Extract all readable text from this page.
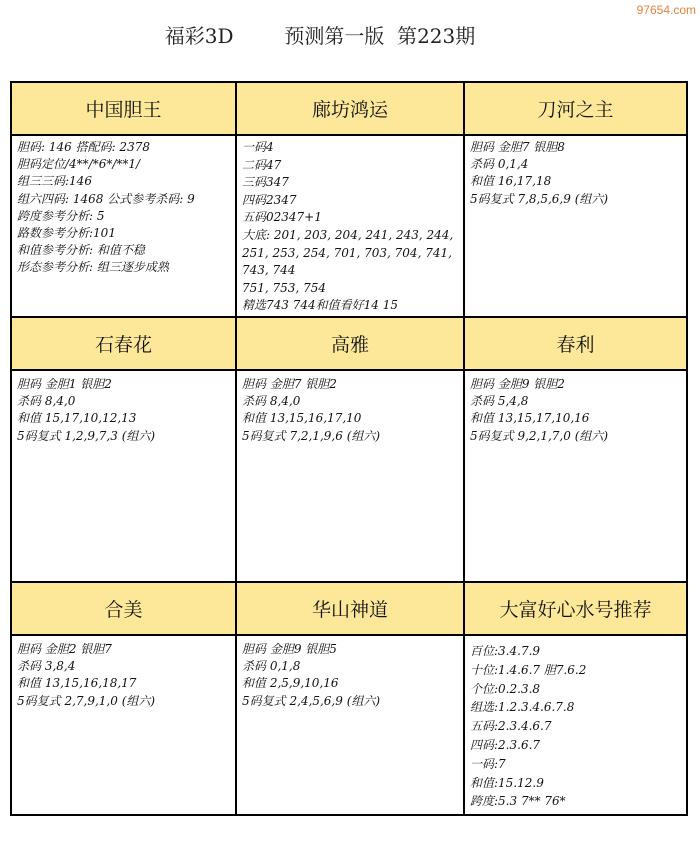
97654.com
福彩3D        预测第一版  第223期
中国胆王
胆码: 146 搭配码: 2378
胆码定位/4**/*6*/**1/
组三三码:146
组六四码: 1468 公式参考杀码: 9
跨度参考分析: 5
路数参考分析:101
和值参考分析: 和值不稳
形态参考分析: 组三逐步成熟
廊坊鸿运
一码4
二码47
三码347
四码2347
五码02347+1
大底: 201, 203, 204, 241, 243, 244,
251, 253, 254, 701, 703, 704, 741,
743, 744
751, 753, 754
精选743 744和值看好14 15
刀河之主
胆码 金胆7 银胆8
杀码 0,1,4
和值 16,17,18
5码复式 7,8,5,6,9 (组六)
石春花
胆码 金胆1 银胆2
杀码 8,4,0
和值 15,17,10,12,13
5码复式 1,2,9,7,3 (组六)
高雅
胆码 金胆7 银胆2
杀码 8,4,0
和值 13,15,16,17,10
5码复式 7,2,1,9,6 (组六)
春利
胆码 金胆9 银胆2
杀码 5,4,8
和值 13,15,17,10,16
5码复式 9,2,1,7,0 (组六)
合美
胆码 金胆2 银胆7
杀码 3,8,4
和值 13,15,16,18,17
5码复式 2,7,9,1,0 (组六)
华山神道
胆码 金胆9 银胆5
杀码 0,1,8
和值 2,5,9,10,16
5码复式 2,4,5,6,9 (组六)
大富好心水号推荐
百位:3.4.7.9
十位:1.4.6.7 胆7.6.2
个位:0.2.3.8
组选:1.2.3.4.6.7.8
五码:2.3.4.6.7
四码:2.3.6.7
一码:7
和值:15.12.9
跨度:5.3 7** 76*
